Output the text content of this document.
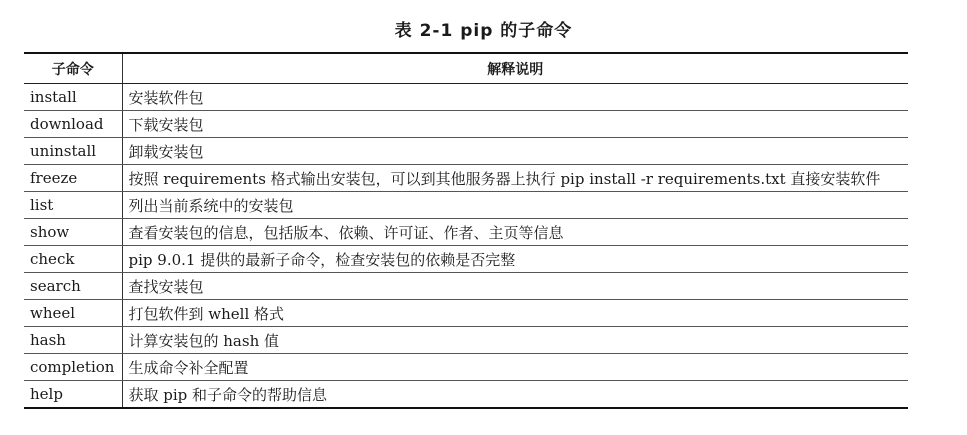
表 2-1 pip 的子命令
子命令	解释说明
install	安装软件包
download	下载安装包
uninstall	卸载安装包
freeze	按照 requirements 格式输出安装包，可以到其他服务器上执行 pip install -r requirements.txt 直接安装软件
list	列出当前系统中的安装包
show	查看安装包的信息，包括版本、依赖、许可证、作者、主页等信息
check	pip 9.0.1 提供的最新子命令，检查安装包的依赖是否完整
search	查找安装包
wheel	打包软件到 whell 格式
hash	计算安装包的 hash 值
completion	生成命令补全配置
help	获取 pip 和子命令的帮助信息
